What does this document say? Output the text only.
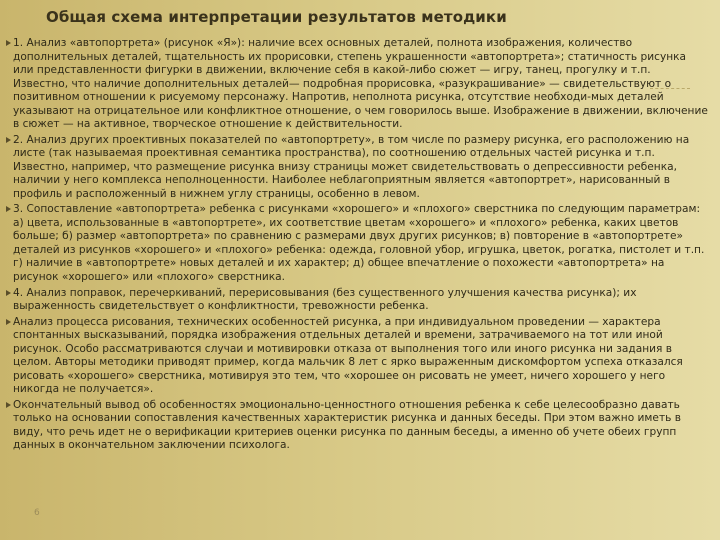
Общая схема интерпретации результатов методики
1. Анализ «автопортрета» (рисунок «Я»): наличие всех основных деталей, полнота изображения, количество дополнительных деталей, тщательность их прорисовки, степень украшенности «автопортрета»; статичность рисунка или представленности фигурки в движении, включение себя в какой-либо сюжет — игру, танец, прогулку и т.п. Известно, что наличие дополнительных деталей— подробная прорисовка, «разукрашивание» — свидетельствуют о позитивном отношении к рисуемому персонажу. Напротив, неполнота рисунка, отсутствие необходи-мых деталей указывают на отрицательное или конфликтное отношение, о чем говорилось выше. Изображение в движении, включение в сюжет — на активное, творческое отношение к действительности.
2. Анализ других проективных показателей по «автопортрету», в том числе по размеру рисунка, его расположению на листе (так называемая проективная семантика пространства), по соотношению отдельных частей рисунка и т.п. Известно, например, что размещение рисунка внизу страницы может свидетельствовать о депрессивности ребенка, наличии у него комплекса неполноценности. Наиболее неблагоприятным является «автопортрет», нарисованный в профиль и расположенный в нижнем углу страницы, особенно в левом.
3. Сопоставление «автопортрета» ребенка с рисунками «хорошего» и «плохого» сверстника по следующим параметрам: а) цвета, использованные в «автопортрете», их соответствие цветам «хорошего» и «плохого» ребенка, каких цветов больше; б) размер «автопортрета» по сравнению с размерами двух других рисунков; в) повторение в «автопортрете» деталей из рисунков «хорошего» и «плохого» ребенка: одежда, головной убор, игрушка, цветок, рогатка, пистолет и т.п. г) наличие в «автопортрете» новых деталей и их характер; д) общее впечатление о похожести «автопортрета» на рисунок «хорошего» или «плохого» сверстника.
4. Анализ поправок, перечеркиваний, перерисовывания (без существенного улучшения качества рисунка); их выраженность свидетельствует о конфликтности, тревожности ребенка.
Анализ процесса рисования, технических особенностей рисунка, а при индивидуальном проведении — характера спонтанных высказываний, порядка изображения отдельных деталей и времени, затрачиваемого на тот или иной рисунок. Особо рассматриваются случаи и мотивировки отказа от выполнения того или иного рисунка ни задания в целом. Авторы методики приводят пример, когда мальчик 8 лет с ярко выраженным дискомфортом успеха отказался рисовать «хорошего» сверстника, мотивируя это тем, что «хорошее он рисовать не умеет, ничего хорошего у него никогда не получается».
Окончательный вывод об особенностях эмоционально-ценностного отношения ребенка к себе целесообразно давать только на основании сопоставления качественных характеристик рисунка и данных беседы. При этом важно иметь в виду, что речь идет не о верификации критериев оценки рисунка по данным беседы, а именно об учете обеих групп данных в окончательном заключении психолога.
6
